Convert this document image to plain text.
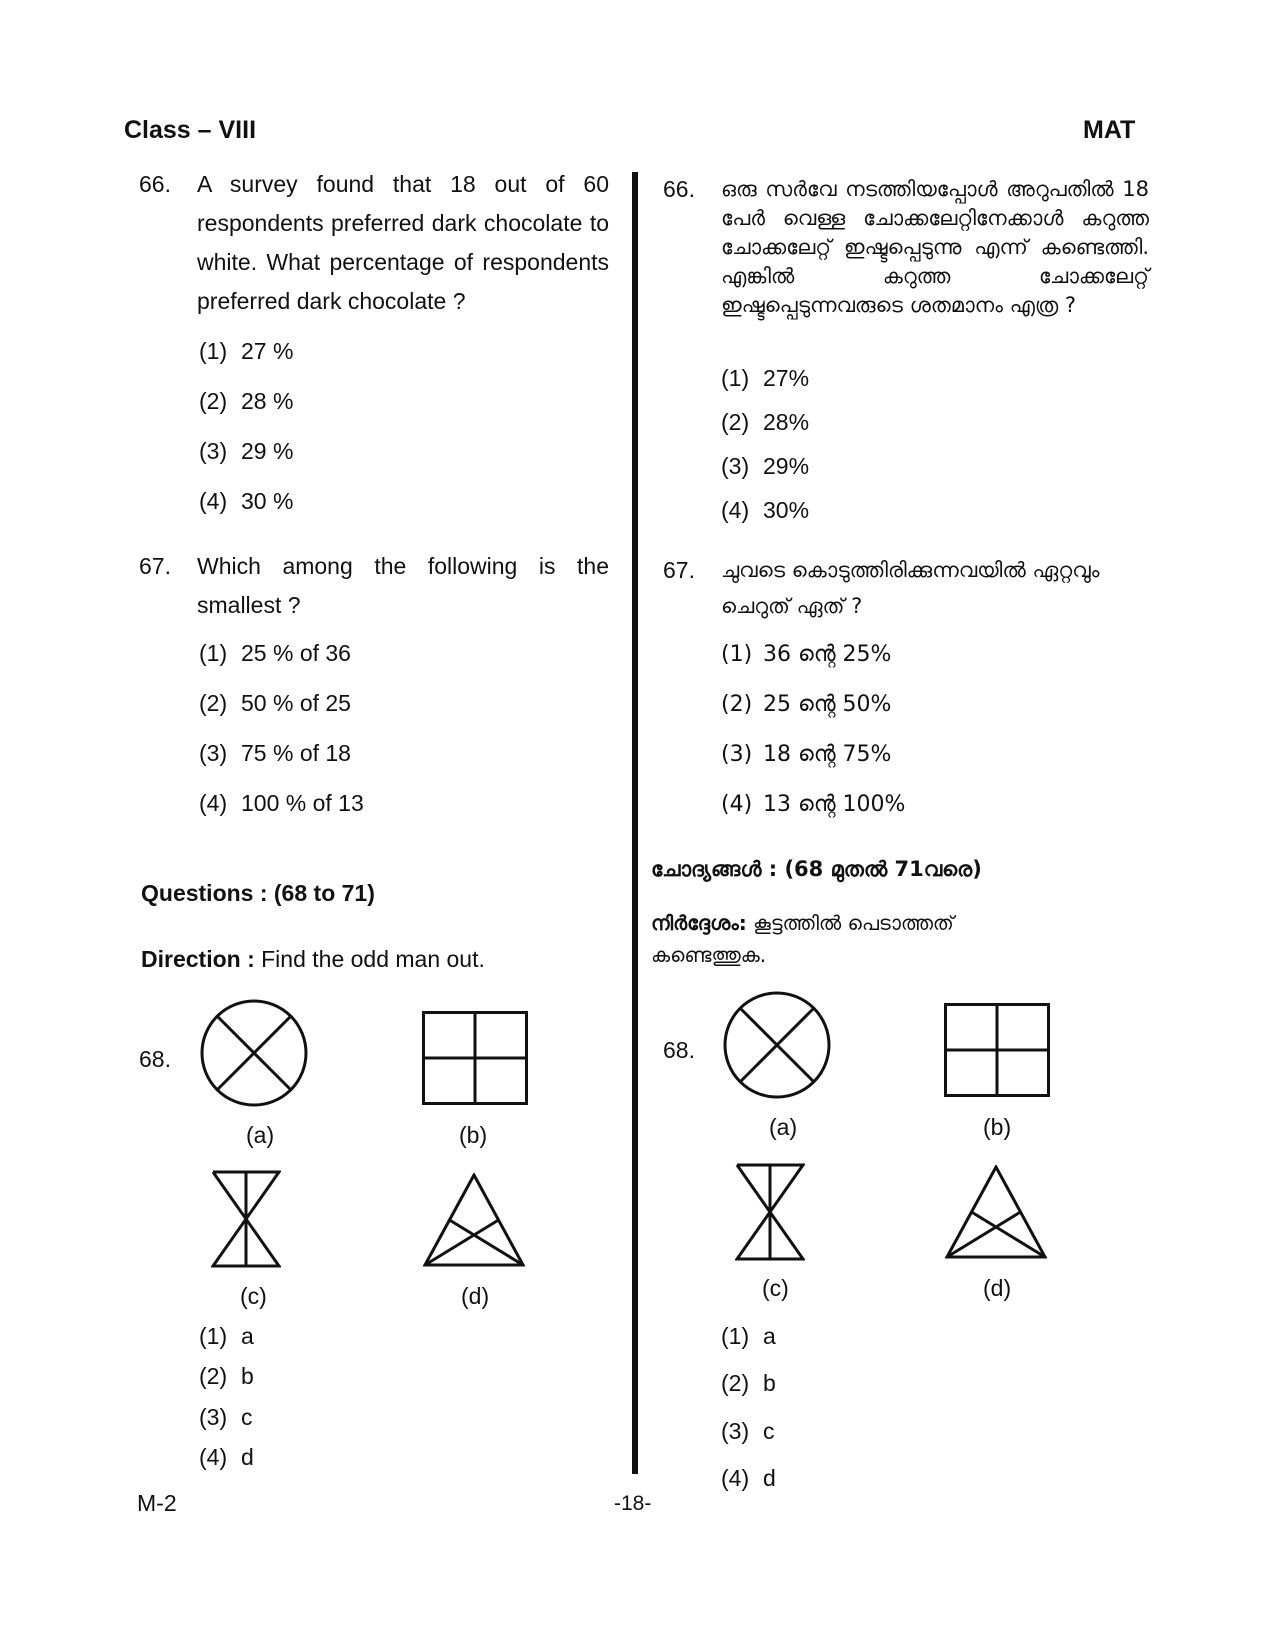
Class – VIII	MAT
66.	A survey found that 18 out of 60 respondents preferred dark chocolate to white. What percentage of respondents preferred dark chocolate ?
(1) 27 %
(2) 28 %
(3) 29 %
(4) 30 %
67.	Which among the following is the smallest ?
(1) 25 % of 36
(2) 50 % of 25
(3) 75 % of 18
(4) 100 % of 13
Questions : (68 to 71)
Direction : Find the odd man out.
68.
(a)	(b)
(c)	(d)
(1) a
(2) b
(3) c
(4) d
66.	ഒരു സർവേ നടത്തിയപ്പോൾ അറുപതിൽ 18 പേർ വെള്ള ചോക്കലേറ്റിനേക്കാൾ കറുത്ത ചോക്കലേറ്റ് ഇഷ്ടപ്പെടുന്നു എന്ന് കണ്ടെത്തി. എങ്കിൽ കറുത്ത ചോക്കലേറ്റ് ഇഷ്ടപ്പെടുന്നവരുടെ ശതമാനം എത്ര ?
(1) 27%
(2) 28%
(3) 29%
(4) 30%
67.	ചുവടെ കൊടുത്തിരിക്കുന്നവയിൽ ഏറ്റവും ചെറുത് ഏത് ?
(1) 36 ന്റെ 25%
(2) 25 ന്റെ 50%
(3) 18 ന്റെ 75%
(4) 13 ന്റെ 100%
ചോദ്യങ്ങൾ : (68 മുതൽ 71വരെ)
നിർദ്ദേശം: കൂട്ടത്തിൽ പെടാത്തത് കണ്ടെത്തുക.
68.
(a)	(b)
(c)	(d)
(1) a
(2) b
(3) c
(4) d
M-2	-18-
